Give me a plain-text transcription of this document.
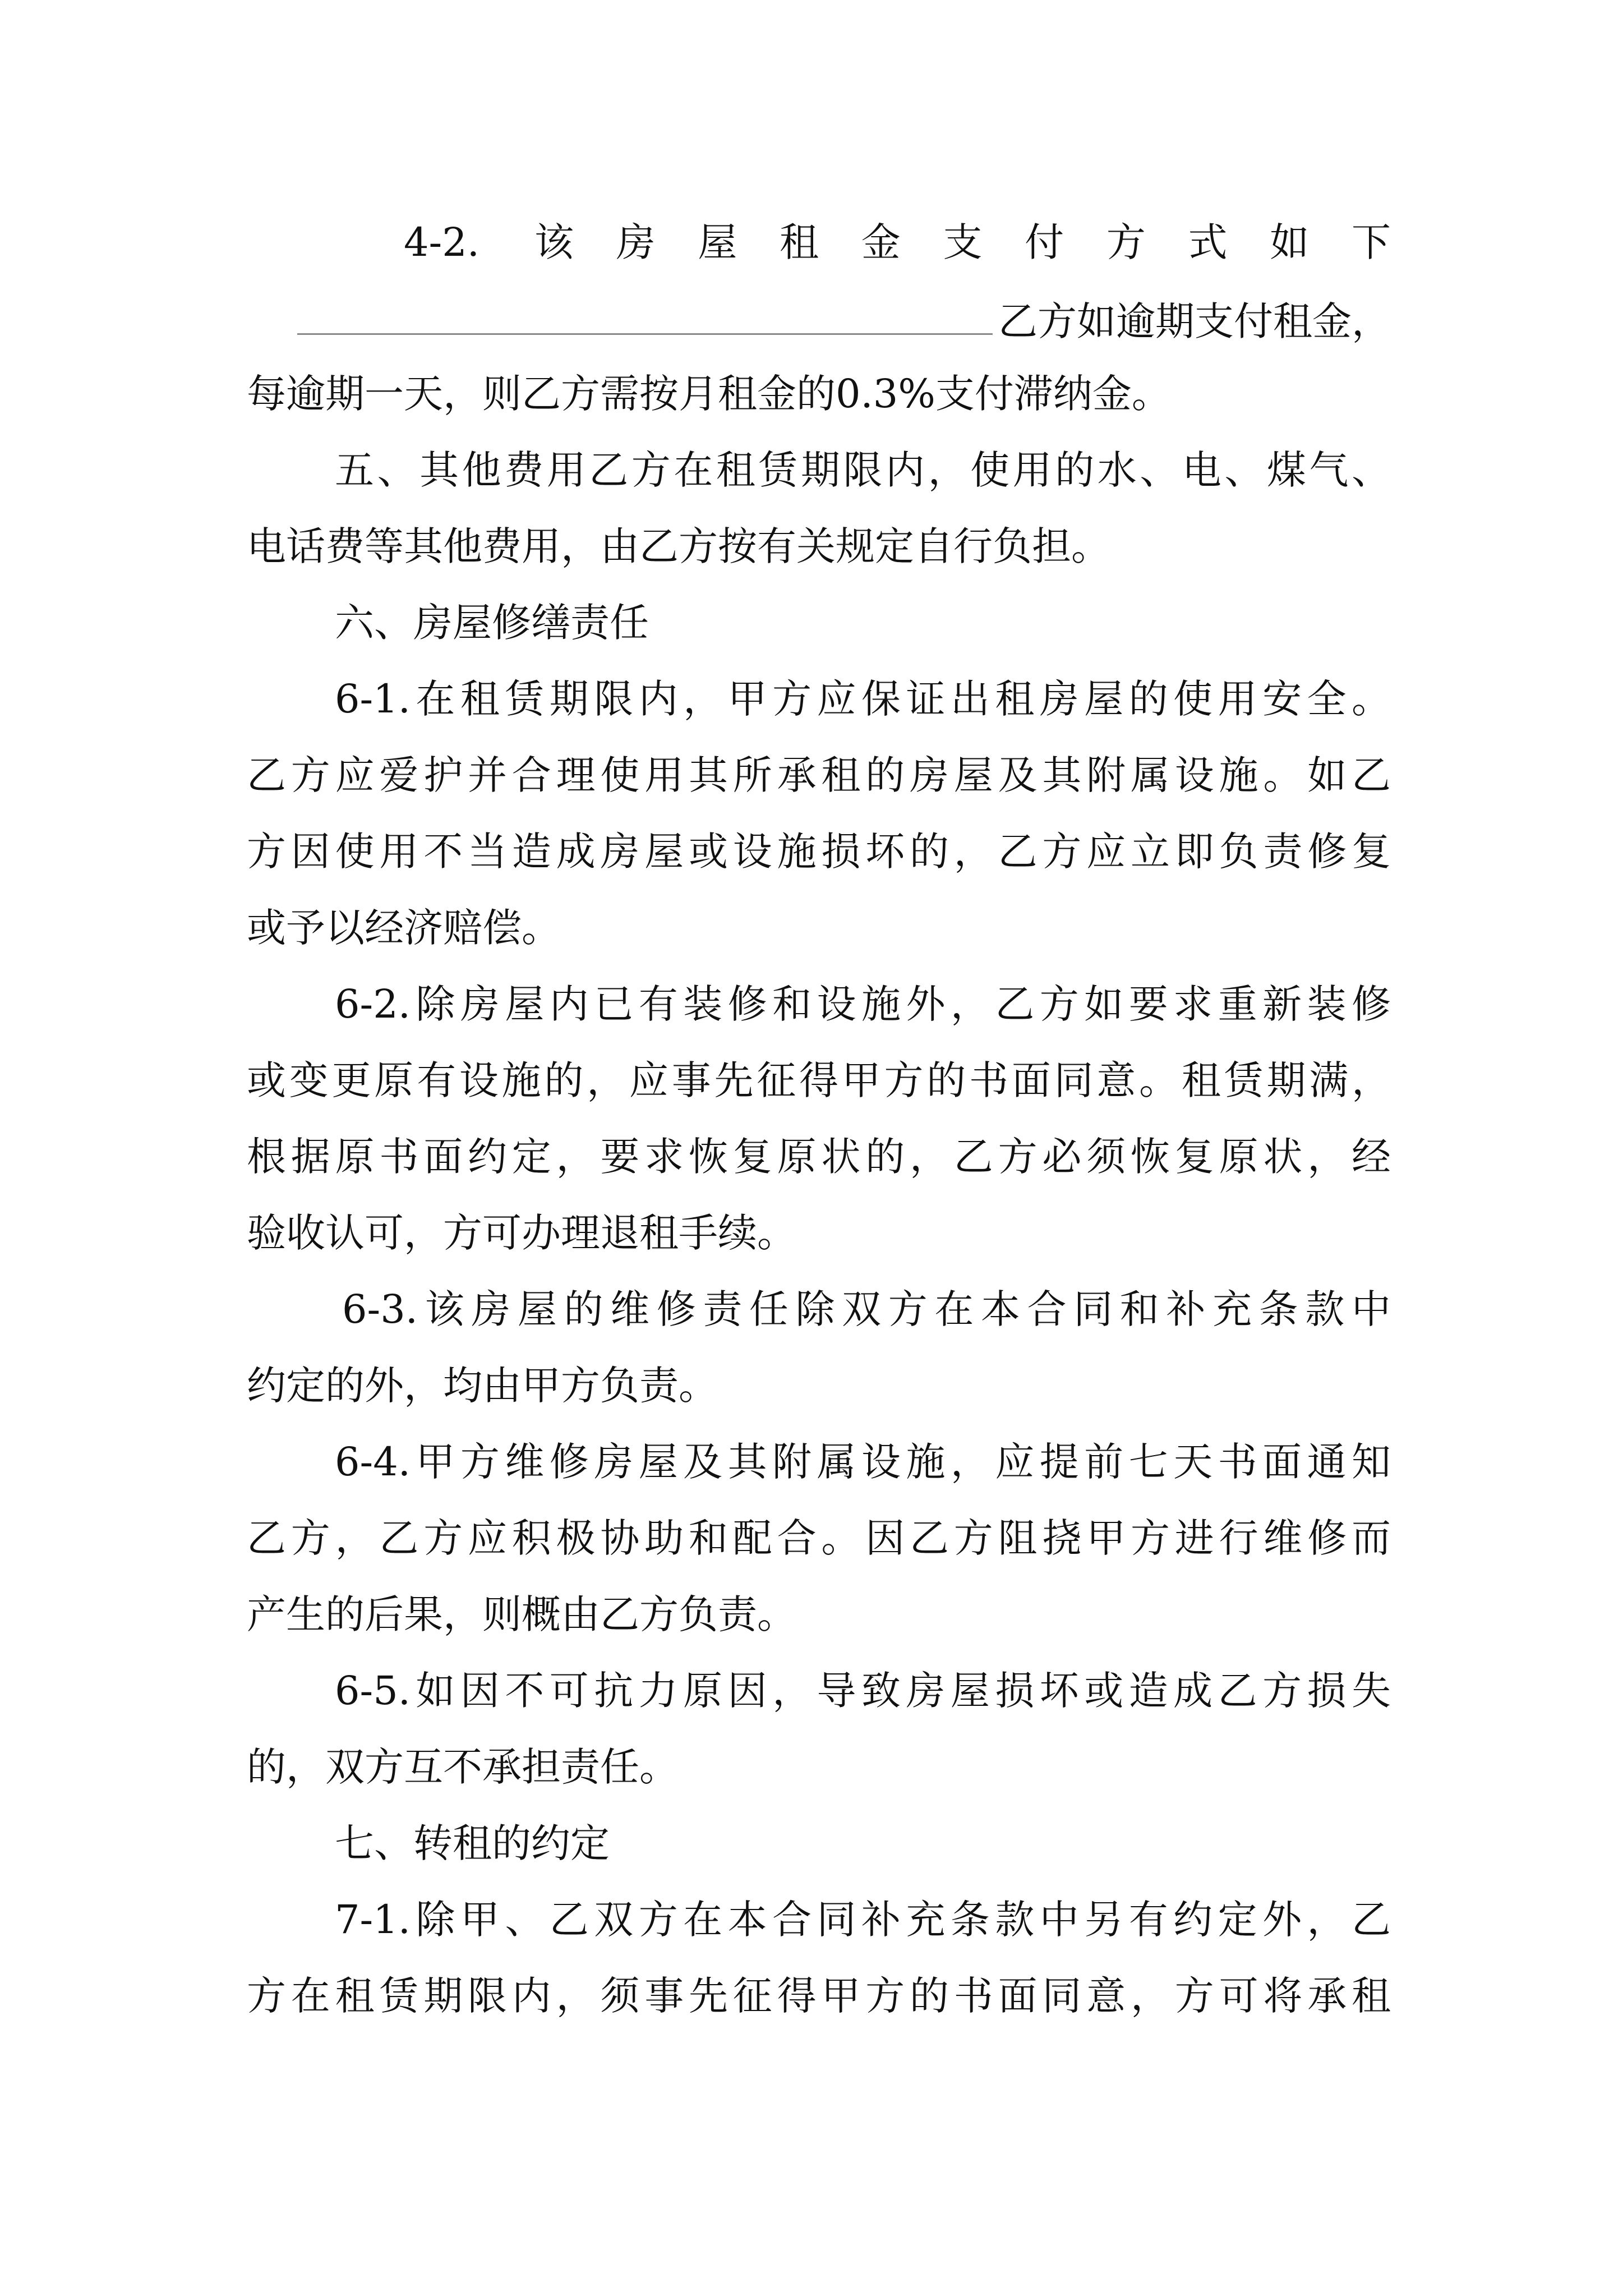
4-2. 该房屋租金支付方式如下
乙方如逾期支付租金，
每逾期一天，则乙方需按月租金的0.3%支付滞纳金。
五、其他费用乙方在租赁期限内，使用的水、电、煤气、
电话费等其他费用，由乙方按有关规定自行负担。
六、房屋修缮责任
6-1.在租赁期限内，甲方应保证出租房屋的使用安全。
乙方应爱护并合理使用其所承租的房屋及其附属设施。如乙
方因使用不当造成房屋或设施损坏的，乙方应立即负责修复
或予以经济赔偿。
6-2.除房屋内已有装修和设施外，乙方如要求重新装修
或变更原有设施的，应事先征得甲方的书面同意。租赁期满，
根据原书面约定，要求恢复原状的，乙方必须恢复原状，经
验收认可，方可办理退租手续。
6-3.该房屋的维修责任除双方在本合同和补充条款中
约定的外，均由甲方负责。
6-4.甲方维修房屋及其附属设施，应提前七天书面通知
乙方，乙方应积极协助和配合。因乙方阻挠甲方进行维修而
产生的后果，则概由乙方负责。
6-5.如因不可抗力原因，导致房屋损坏或造成乙方损失
的，双方互不承担责任。
七、转租的约定
7-1.除甲、乙双方在本合同补充条款中另有约定外，乙
方在租赁期限内，须事先征得甲方的书面同意，方可将承租
